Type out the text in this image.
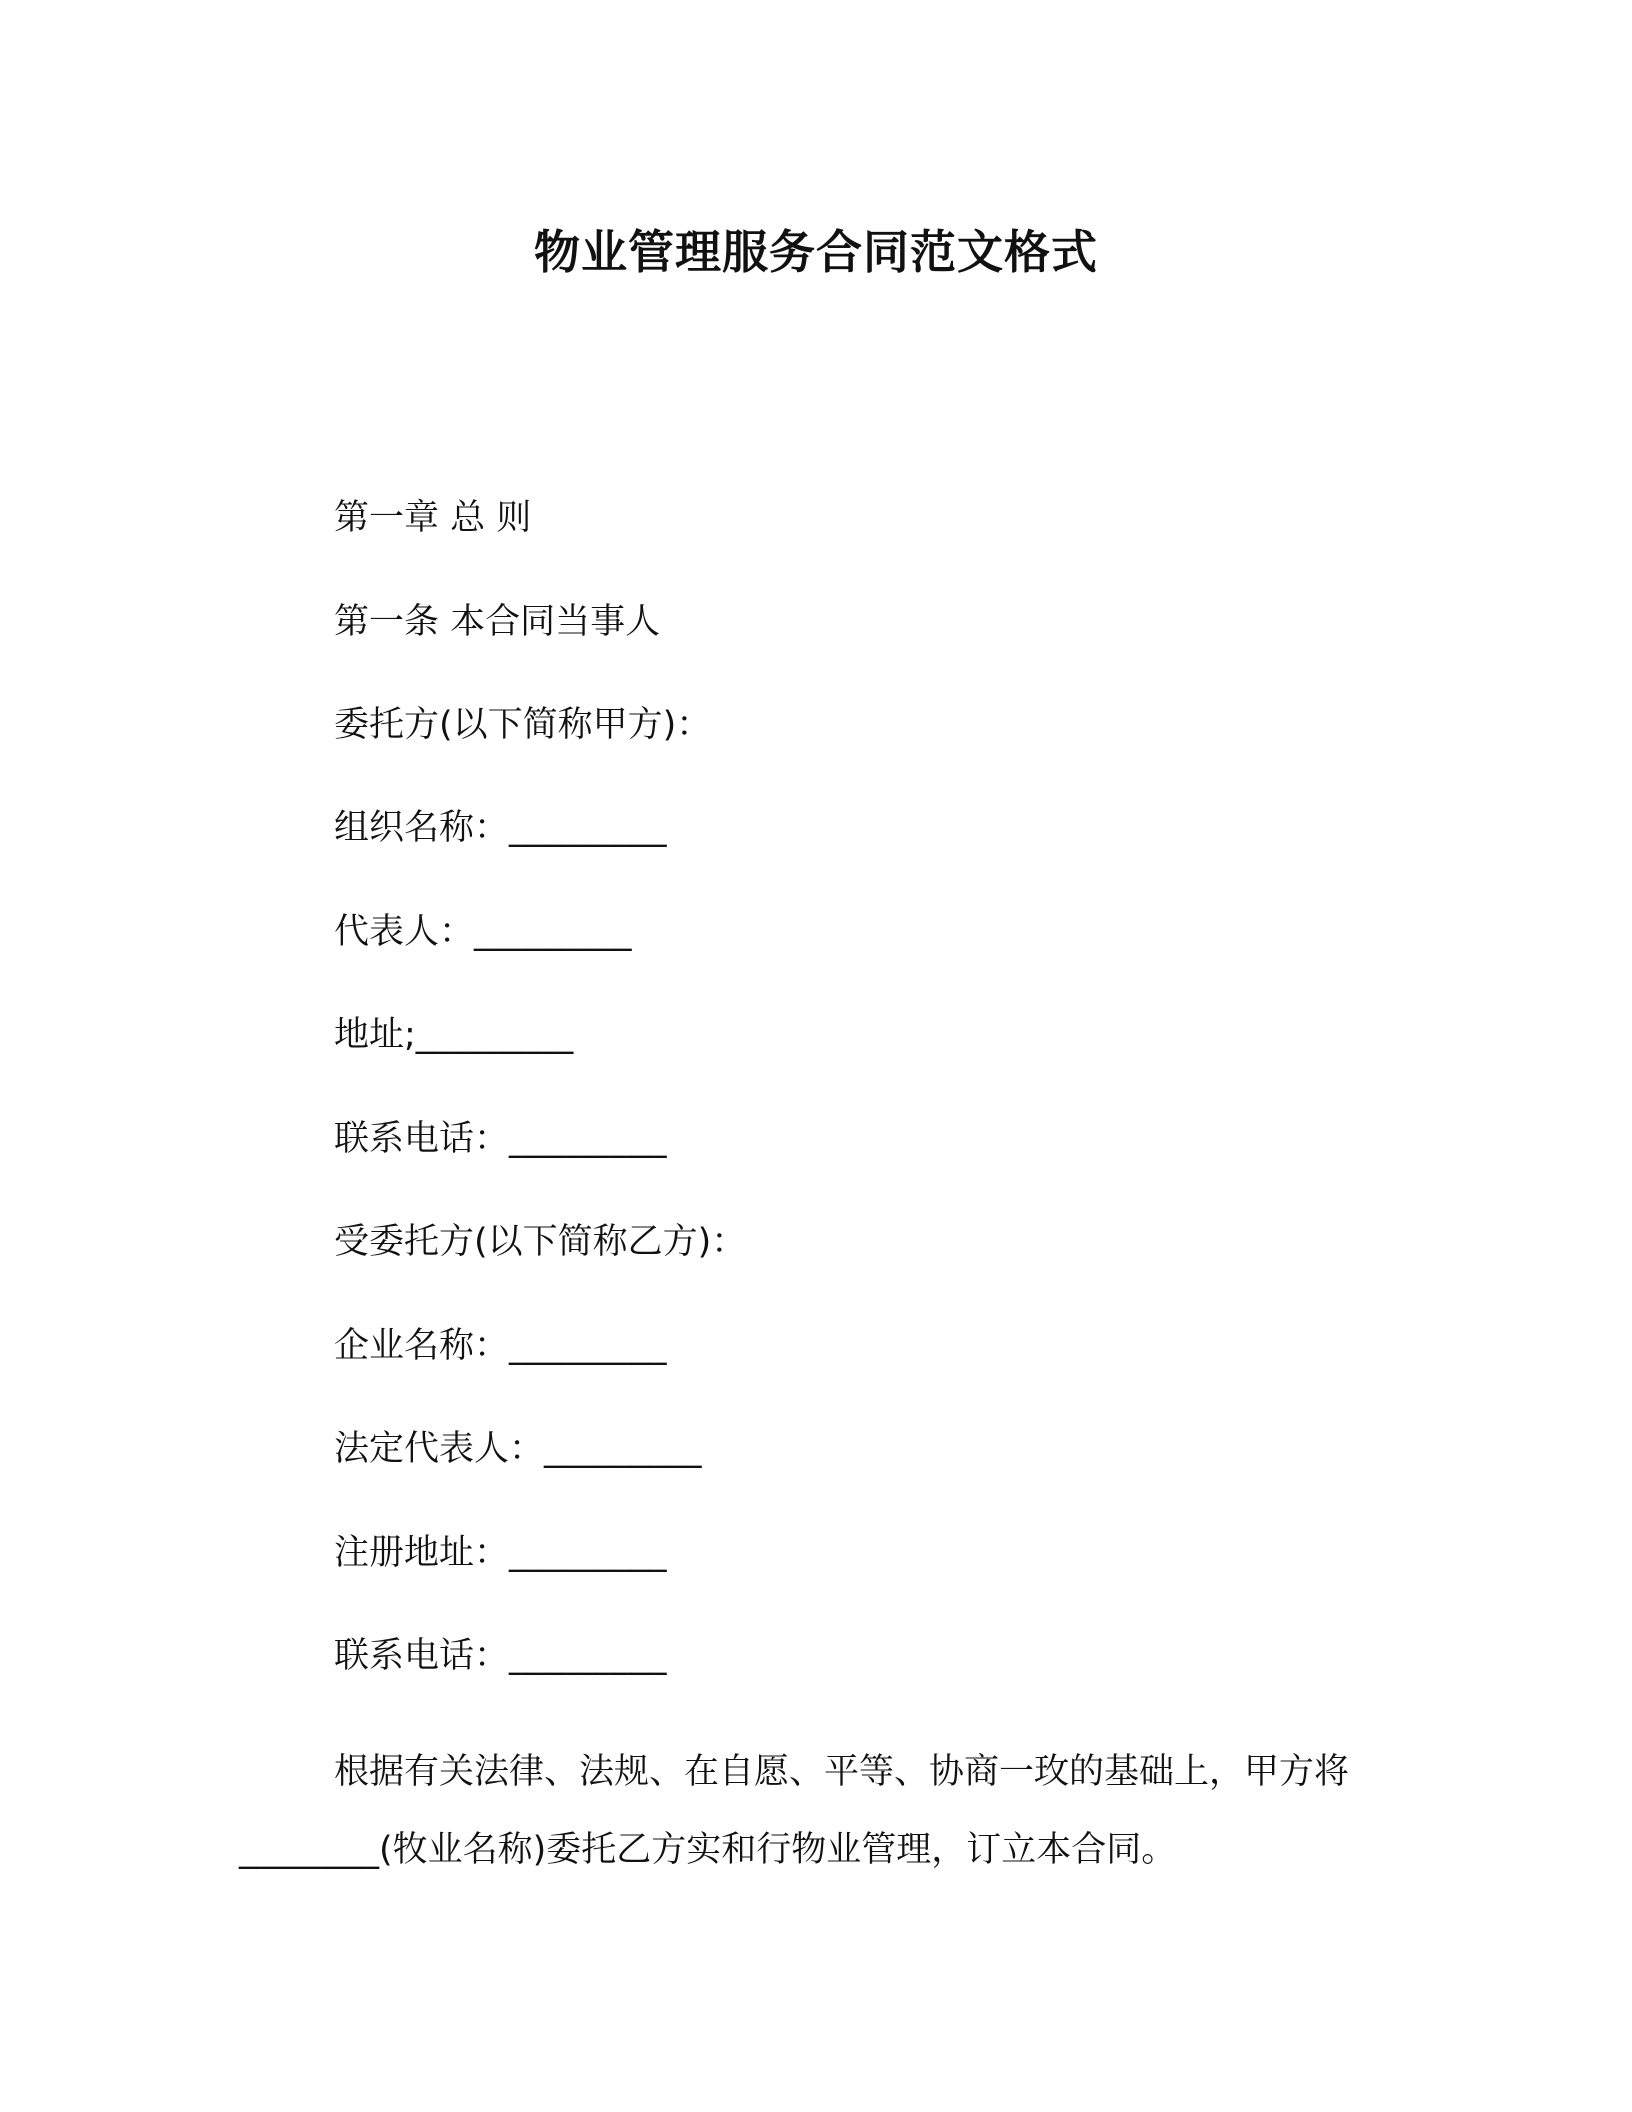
物业管理服务合同范文格式
第一章 总 则
第一条 本合同当事人
委托方(以下简称甲方)：
组织名称：_________
代表人：_________
地址;_________
联系电话：_________
受委托方(以下简称乙方)：
企业名称：_________
法定代表人：_________
注册地址：_________
联系电话：_________
根据有关法律、法规、在自愿、平等、协商一玫的基础上，甲方将________(牧业名称)委托乙方实和行物业管理，订立本合同。
